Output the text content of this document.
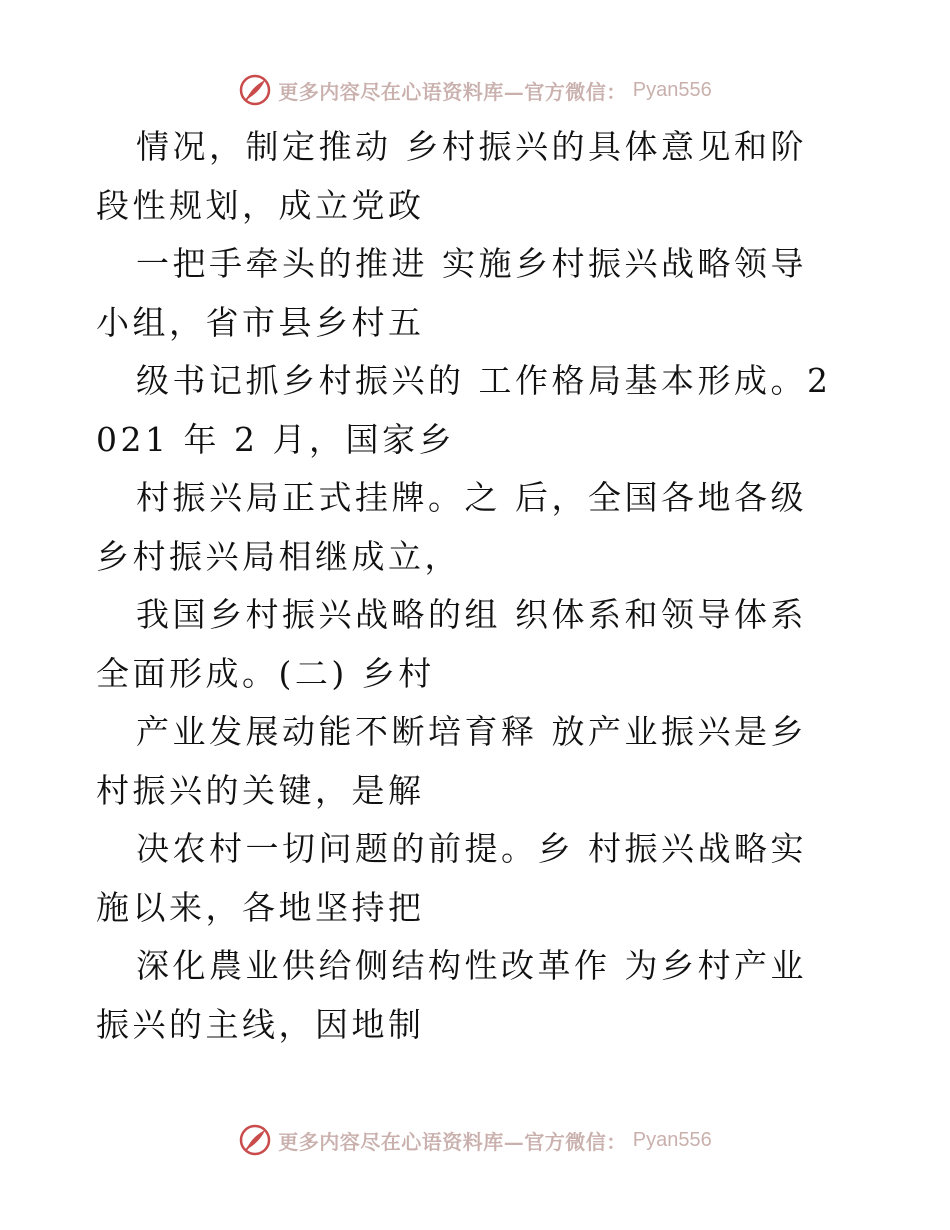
更多内容尽在心语资料库—官方微信： Pyan556

情况，制定推动 乡村振兴的具体意见和阶段性规划，成立党政

一把手牵头的推进 实施乡村振兴战略领导小组，省市县乡村五

级书记抓乡村振兴的 工作格局基本形成。2021 年 2 月，国家乡

村振兴局正式挂牌。之 后，全国各地各级乡村振兴局相继成立，

我国乡村振兴战略的组 织体系和领导体系全面形成。(二) 乡村

产业发展动能不断培育释 放产业振兴是乡村振兴的关键，是解

决农村一切问题的前提。乡 村振兴战略实施以来，各地坚持把

深化農业供给侧结构性改革作 为乡村产业振兴的主线，因地制

更多内容尽在心语资料库—官方微信： Pyan556
